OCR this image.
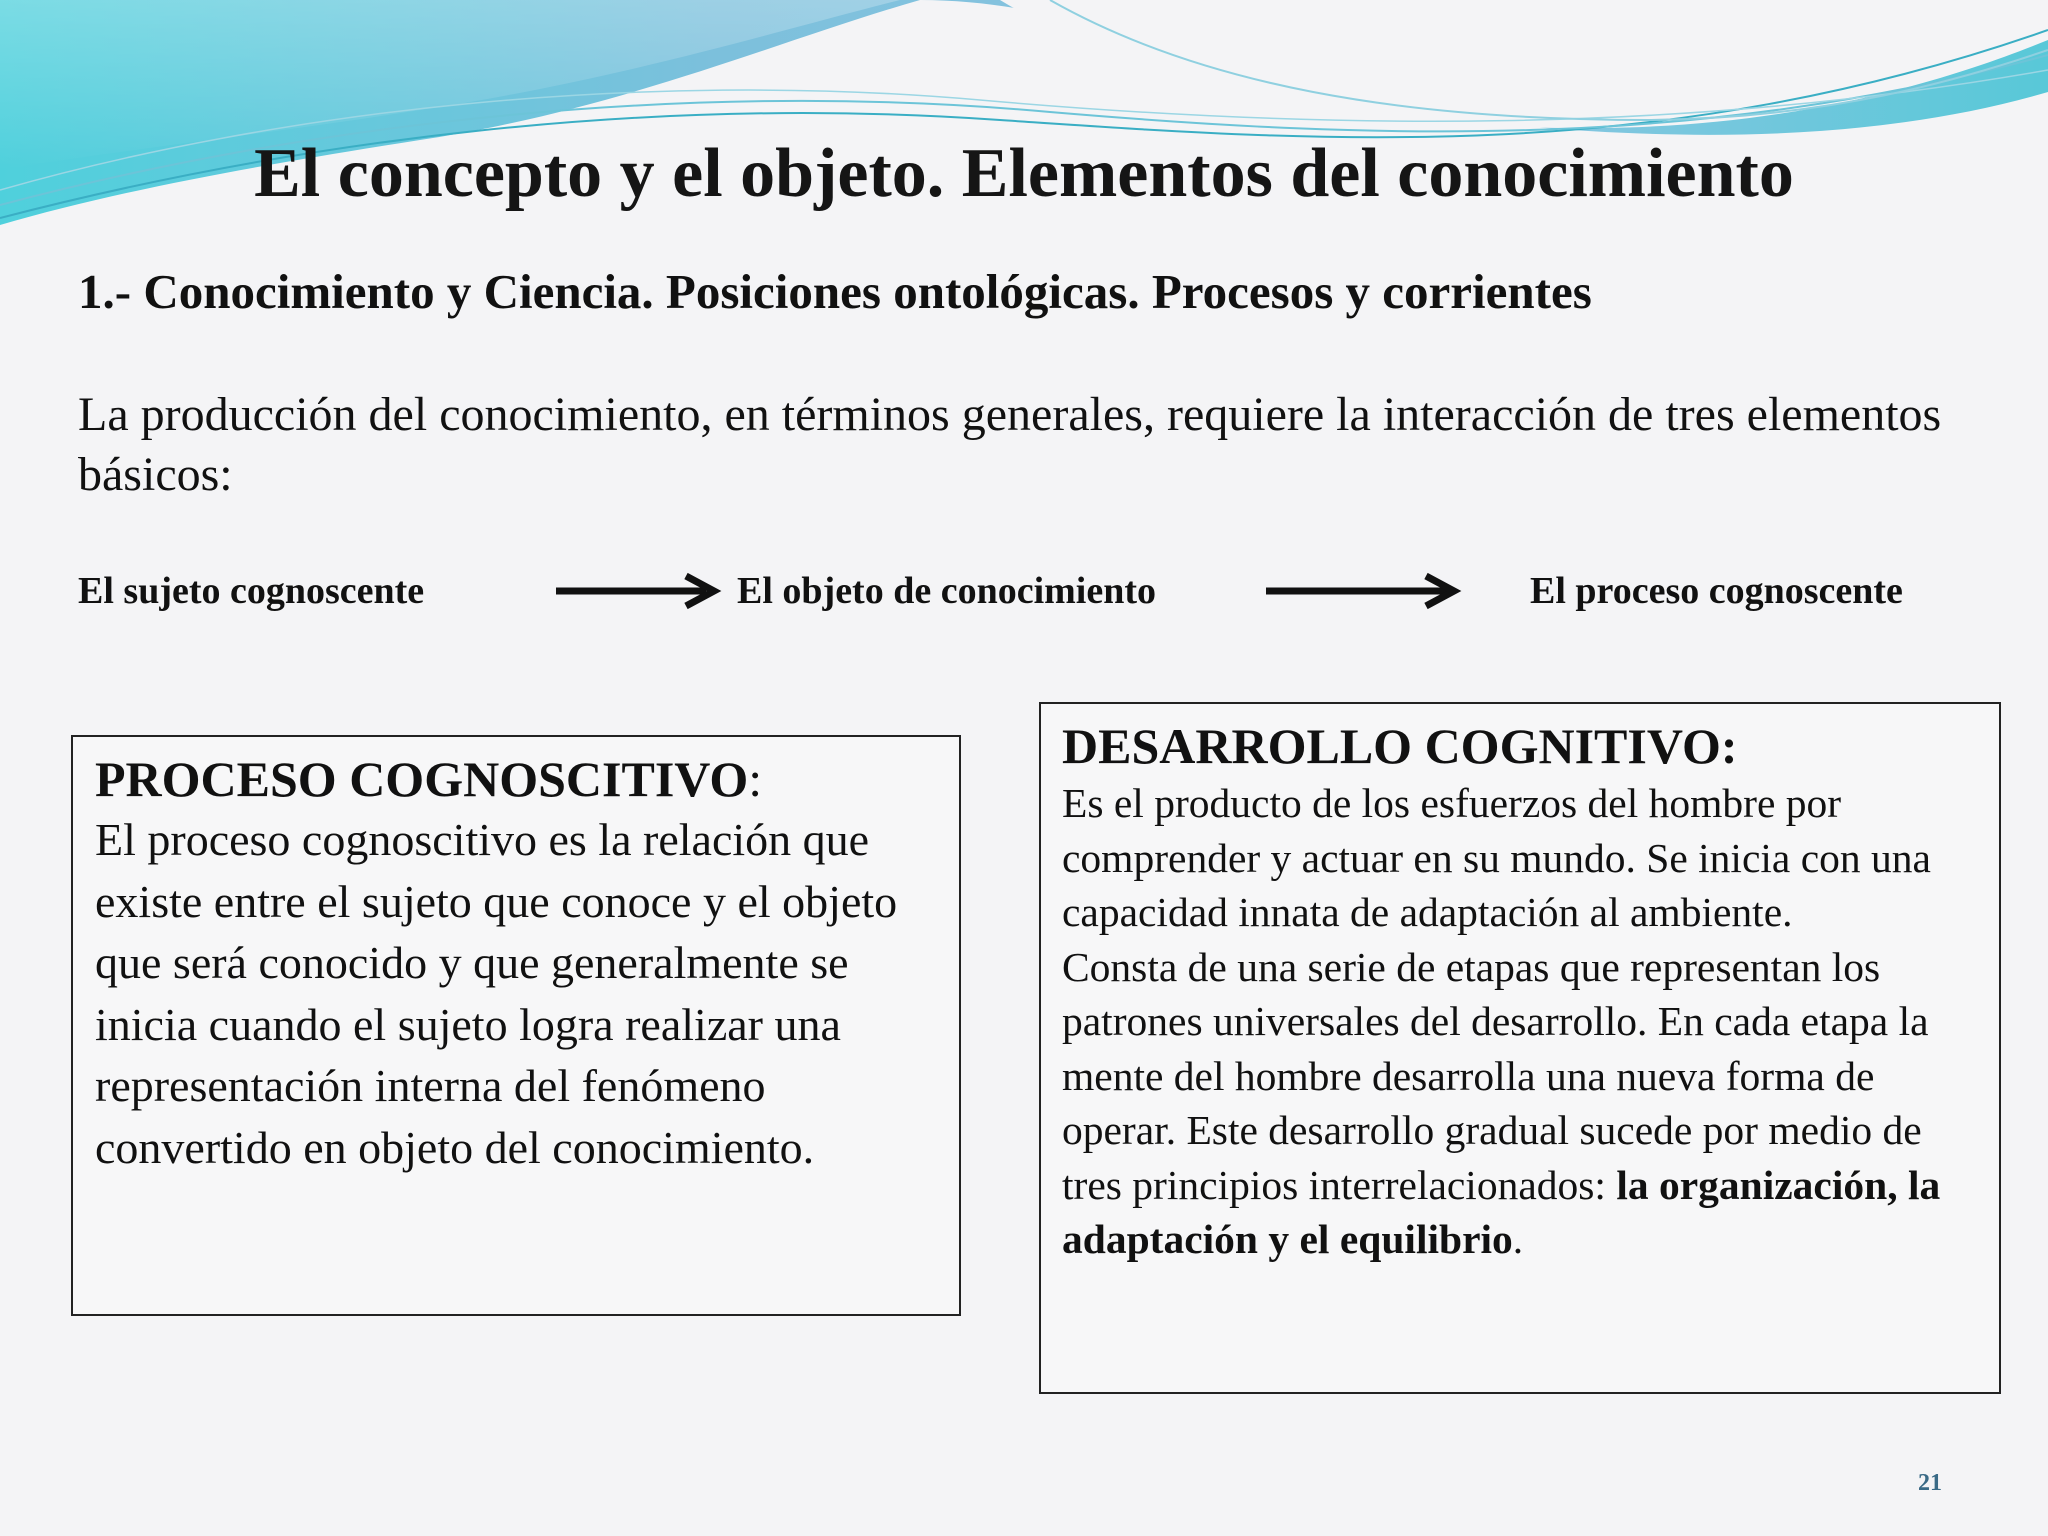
El concepto y el objeto. Elementos del conocimiento
1.- Conocimiento y Ciencia. Posiciones ontológicas. Procesos y corrientes
La producción del conocimiento, en términos generales, requiere la interacción de tres elementos básicos:
El sujeto cognoscente	El objeto de conocimiento	El proceso cognoscente
PROCESO COGNOSCITIVO:
El proceso cognoscitivo es la relación que existe entre el sujeto que conoce y el objeto que será conocido y que generalmente se inicia cuando el sujeto logra realizar una representación interna del fenómeno convertido en objeto del conocimiento.
DESARROLLO COGNITIVO:
Es el producto de los esfuerzos del hombre por comprender y actuar en su mundo. Se inicia con una capacidad innata de adaptación al ambiente.
Consta de una serie de etapas que representan los patrones universales del desarrollo. En cada etapa la mente del hombre desarrolla una nueva forma de operar. Este desarrollo gradual sucede por medio de tres principios interrelacionados: la organización, la adaptación y el equilibrio.
21
